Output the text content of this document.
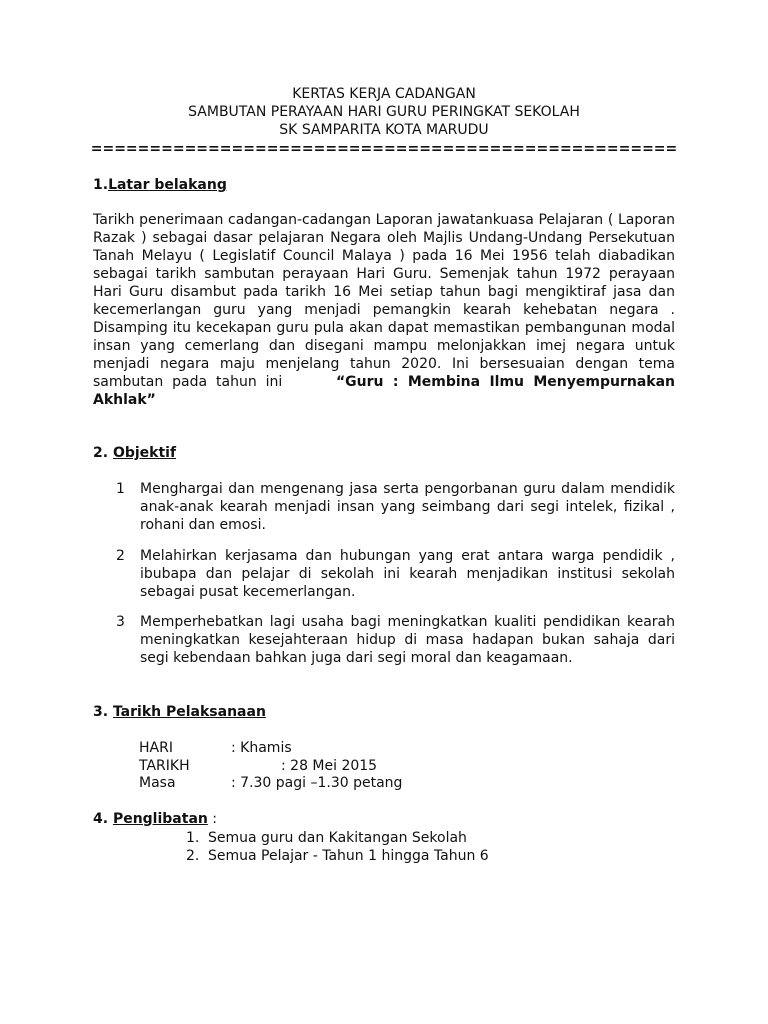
KERTAS KERJA CADANGAN
SAMBUTAN PERAYAAN HARI GURU PERINGKAT SEKOLAH
SK SAMPARITA KOTA MARUDU
==================================================
1.Latar belakang
Tarikh penerimaan cadangan-cadangan Laporan jawatankuasa Pelajaran ( Laporan Razak ) sebagai dasar pelajaran Negara oleh Majlis Undang-Undang Persekutuan Tanah Melayu ( Legislatif Council Malaya ) pada 16 Mei 1956 telah diabadikan sebagai tarikh sambutan perayaan Hari Guru. Semenjak tahun 1972 perayaan Hari Guru disambut pada tarikh 16 Mei setiap tahun bagi mengiktiraf jasa dan kecemerlangan guru yang menjadi pemangkin kearah kehebatan negara . Disamping itu kecekapan guru pula akan dapat memastikan pembangunan modal insan yang cemerlang dan disegani mampu melonjakkan imej negara untuk menjadi negara maju menjelang tahun 2020. Ini bersesuaian dengan tema sambutan pada tahun ini	“Guru : Membina Ilmu Menyempurnakan Akhlak”
2. Objektif
1	Menghargai dan mengenang jasa serta pengorbanan guru dalam mendidik anak-anak kearah menjadi insan yang seimbang dari segi intelek, fizikal , rohani dan emosi.
2	Melahirkan kerjasama dan hubungan yang erat antara warga pendidik , ibubapa dan pelajar di sekolah ini kearah menjadikan institusi sekolah sebagai pusat kecemerlangan.
3	Memperhebatkan lagi usaha bagi meningkatkan kualiti pendidikan kearah meningkatkan kesejahteraan hidup di masa hadapan bukan sahaja dari segi kebendaan bahkan juga dari segi moral dan keagamaan.
3. Tarikh Pelaksanaan
HARI	: Khamis
TARIKH	: 28 Mei 2015
Masa	: 7.30 pagi –1.30 petang
4. Penglibatan :
1. Semua guru dan Kakitangan Sekolah
2. Semua Pelajar - Tahun 1 hingga Tahun 6
